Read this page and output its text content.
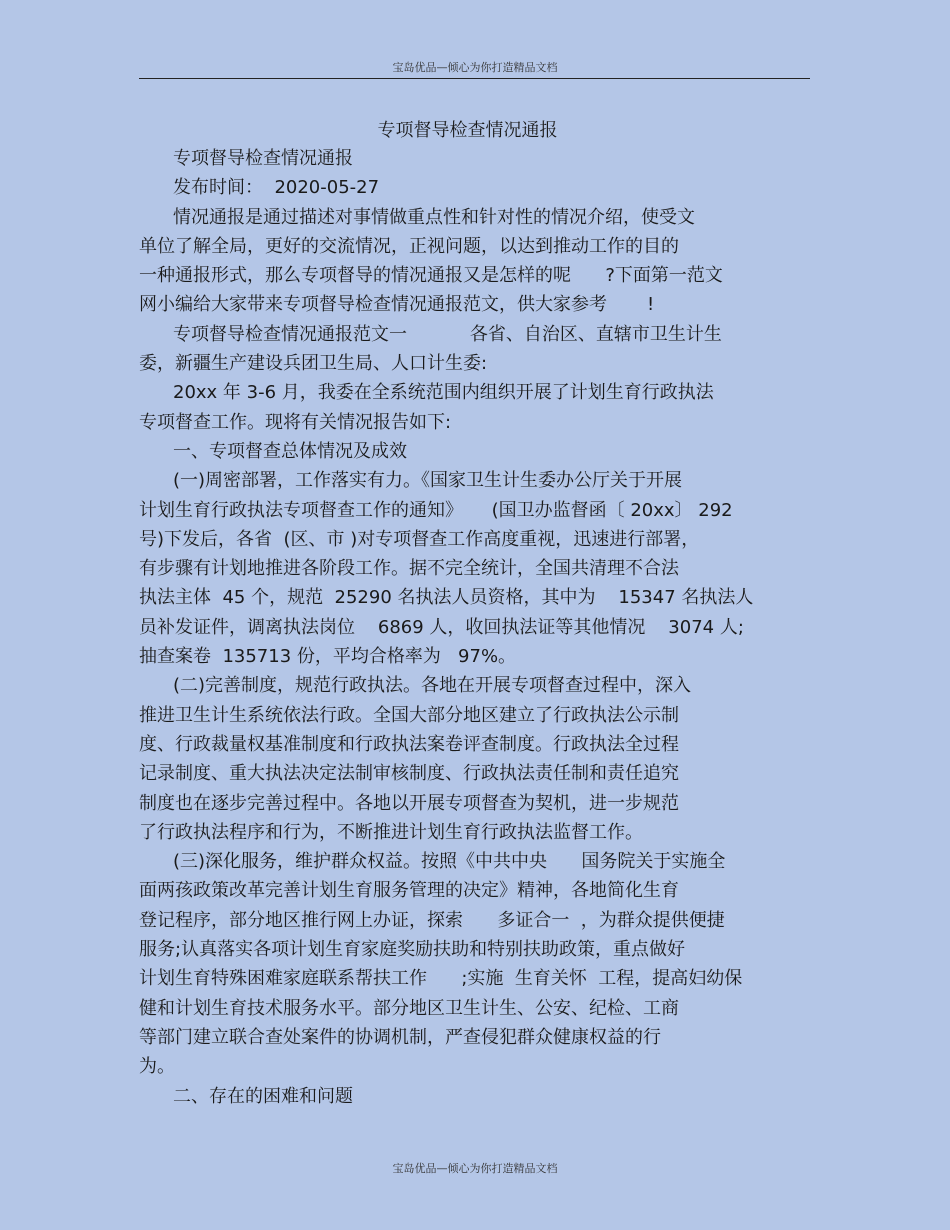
宝岛优品—倾心为你打造精品文档
专项督导检查情况通报
专项督导检查情况通报
发布时间：  2020-05-27
情况通报是通过描述对事情做重点性和针对性的情况介绍，使受文
单位了解全局，更好的交流情况，正视问题，以达到推动工作的目的
一种通报形式，那么专项督导的情况通报又是怎样的呢      ?下面第一范文
网小编给大家带来专项督导检查情况通报范文，供大家参考       !
专项督导检查情况通报范文一           各省、自治区、直辖市卫生计生
委，新疆生产建设兵团卫生局、人口计生委:
20xx 年 3-6 月，我委在全系统范围内组织开展了计划生育行政执法
专项督查工作。现将有关情况报告如下:
一、专项督查总体情况及成效
(一)周密部署，工作落实有力。《国家卫生计生委办公厅关于开展
计划生育行政执法专项督查工作的通知》     (国卫办监督函〔 20xx〕 292
号)下发后，各省  (区、市 )对专项督查工作高度重视，迅速进行部署，
有步骤有计划地推进各阶段工作。据不完全统计，全国共清理不合法
执法主体  45 个，规范  25290 名执法人员资格，其中为    15347 名执法人
员补发证件，调离执法岗位    6869 人，收回执法证等其他情况    3074 人;
抽查案卷  135713 份，平均合格率为   97%。
(二)完善制度，规范行政执法。各地在开展专项督查过程中，深入
推进卫生计生系统依法行政。全国大部分地区建立了行政执法公示制
度、行政裁量权基准制度和行政执法案卷评查制度。行政执法全过程
记录制度、重大执法决定法制审核制度、行政执法责任制和责任追究
制度也在逐步完善过程中。各地以开展专项督查为契机，进一步规范
了行政执法程序和行为，不断推进计划生育行政执法监督工作。
(三)深化服务，维护群众权益。按照《中共中央      国务院关于实施全
面两孩政策改革完善计划生育服务管理的决定》精神，各地简化生育
登记程序，部分地区推行网上办证，探索      多证合一  ，为群众提供便捷
服务;认真落实各项计划生育家庭奖励扶助和特别扶助政策，重点做好
计划生育特殊困难家庭联系帮扶工作      ;实施  生育关怀  工程，提高妇幼保
健和计划生育技术服务水平。部分地区卫生计生、公安、纪检、工商
等部门建立联合查处案件的协调机制，严查侵犯群众健康权益的行
为。
二、存在的困难和问题
宝岛优品—倾心为你打造精品文档
